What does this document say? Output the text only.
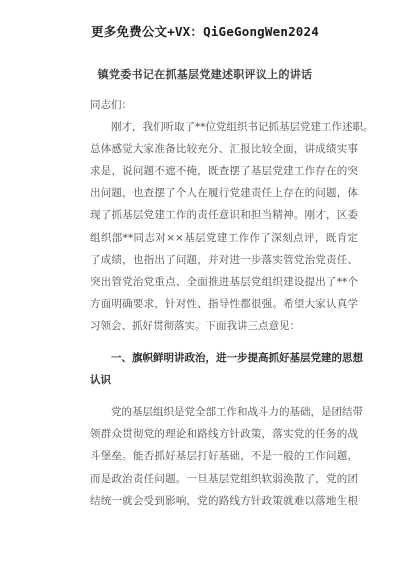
更多免费公文+VX：QiGeGongWen2024
镇党委书记在抓基层党建述职评议上的讲话
同志们：
刚才，我们听取了**位党组织书记抓基层党建工作述职。
总体感觉大家准备比较充分、汇报比较全面，讲成绩实事
求是，说问题不遮不掩，既查摆了基层党建工作存在的突
出问题，也查摆了个人在履行党建责任上存在的问题，体
现了抓基层党建工作的责任意识和担当精神。刚才，区委
组织部**同志对××基层党建工作作了深刻点评，既肯定
了成绩，也指出了问题，并对进一步落实管党治党责任、
突出管党治党重点、全面推进基层党组织建设提出了**个
方面明确要求，针对性、指导性都很强。希望大家认真学
习领会、抓好贯彻落实。下面我讲三点意见：
一、旗帜鲜明讲政治，进一步提高抓好基层党建的思想
认识
党的基层组织是党全部工作和战斗力的基础，是团结带
领群众贯彻党的理论和路线方针政策，落实党的任务的战
斗堡垒。能否抓好基层打好基础，不是一般的工作问题，
而是政治责任问题。一旦基层党组织软弱涣散了，党的团
结统一就会受到影响，党的路线方针政策就难以落地生根
